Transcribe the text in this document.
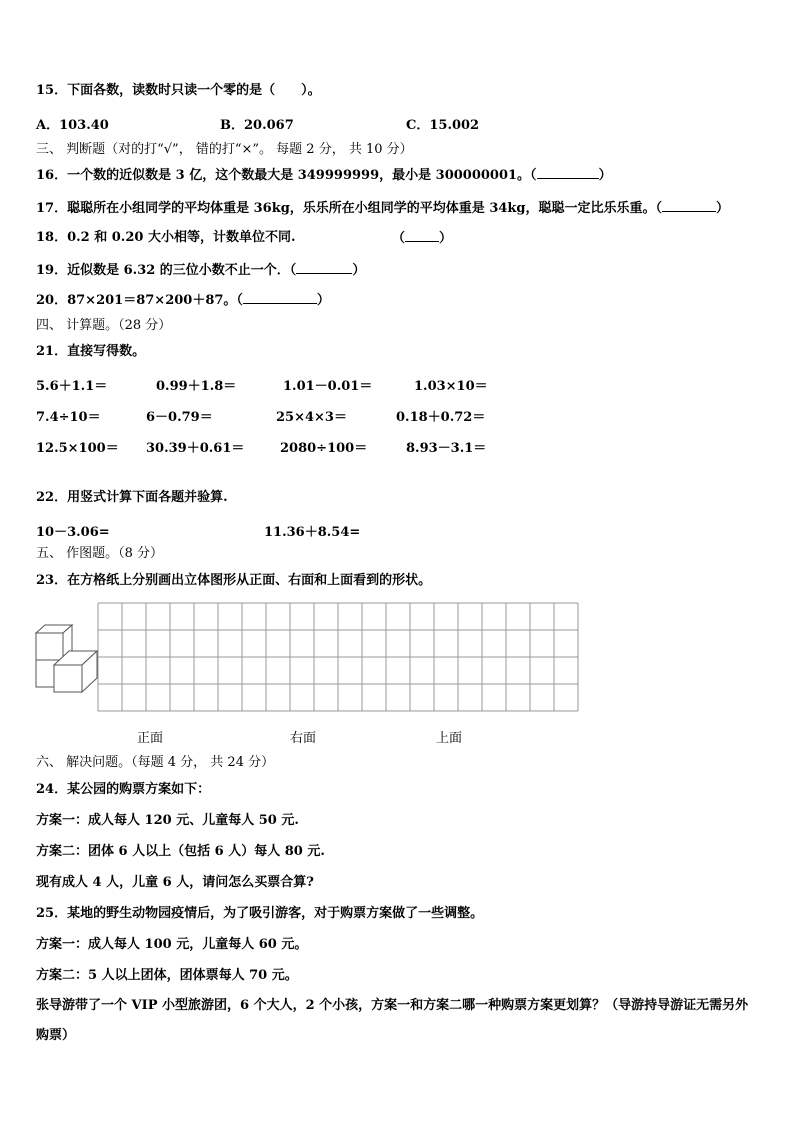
15．下面各数，读数时只读一个零的是（　　）。
A．103.40	B．20.067	C．15.002
三、 判断题（对的打“√”， 错的打“×”。 每题 2 分， 共 10 分）
16．一个数的近似数是 3 亿，这个数最大是 349999999，最小是 300000001。（	）
17．聪聪所在小组同学的平均体重是 36kg，乐乐所在小组同学的平均体重是 34kg，聪聪一定比乐乐重。（	）
18．0.2 和 0.20 大小相等，计数单位不同.	（	）
19．近似数是 6.32 的三位小数不止一个．（	）
20．87×201＝87×200＋87。（	）
四、 计算题。（28 分）
21．直接写得数。
5.6＋1.1＝	0.99＋1.8＝	1.01－0.01＝	1.03×10＝
7.4÷10＝	6－0.79＝	25×4×3＝	0.18＋0.72＝
12.5×100＝ 30.39＋0.61＝	2080÷100＝	8.93－3.1＝
22．用竖式计算下面各题并验算.
10－3.06=	11.36＋8.54=
五、 作图题。（8 分）
23．在方格纸上分别画出立体图形从正面、右面和上面看到的形状。
正面	右面	上面
六、 解决问题。（每题 4 分， 共 24 分）
24．某公园的购票方案如下：
方案一：成人每人 120 元、儿童每人 50 元.
方案二：团体 6 人以上（包括 6 人）每人 80 元.
现有成人 4 人，儿童 6 人，请问怎么买票合算?
25．某地的野生动物园疫情后，为了吸引游客，对于购票方案做了一些调整。
方案一：成人每人 100 元，儿童每人 60 元。
方案二：5 人以上团体，团体票每人 70 元。
张导游带了一个 VIP 小型旅游团，6 个大人，2 个小孩，方案一和方案二哪一种购票方案更划算？（导游持导游证无需另外购票）
